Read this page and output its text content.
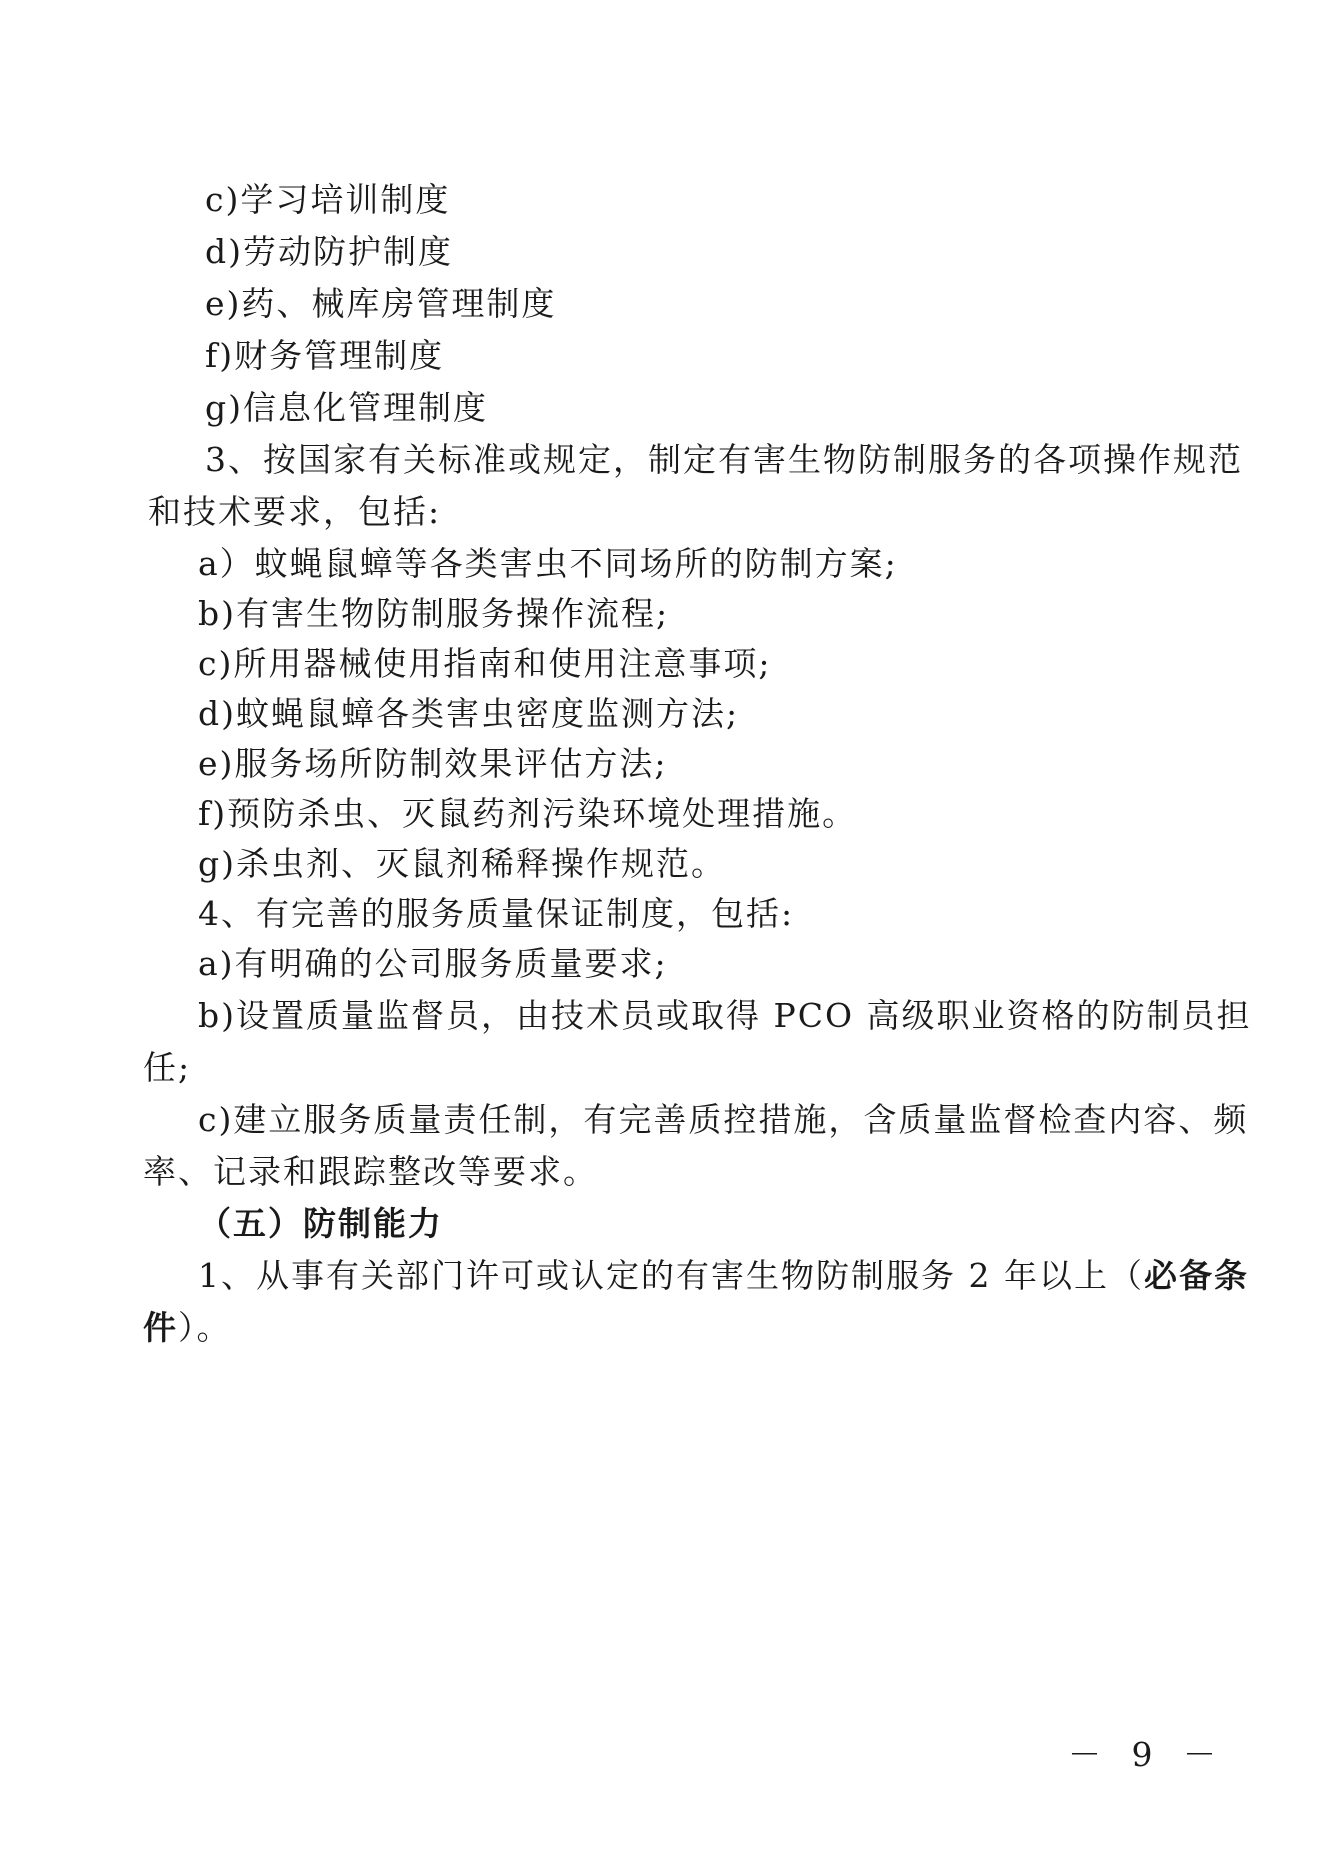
c)学习培训制度
d)劳动防护制度
e)药、械库房管理制度
f)财务管理制度
g)信息化管理制度
3、按国家有关标准或规定，制定有害生物防制服务的各项操作规范
和技术要求，包括:
a）蚊蝇鼠蟑等各类害虫不同场所的防制方案;
b)有害生物防制服务操作流程;
c)所用器械使用指南和使用注意事项;
d)蚊蝇鼠蟑各类害虫密度监测方法;
e)服务场所防制效果评估方法;
f)预防杀虫、灭鼠药剂污染环境处理措施。
g)杀虫剂、灭鼠剂稀释操作规范。
4、有完善的服务质量保证制度，包括:
a)有明确的公司服务质量要求;
b)设置质量监督员，由技术员或取得 PCO 高级职业资格的防制员担
任;
c)建立服务质量责任制，有完善质控措施，含质量监督检查内容、频
率、记录和跟踪整改等要求。
（五）防制能力
1、从事有关部门许可或认定的有害生物防制服务 2 年以上（必备条
件）。
－ 9 －
